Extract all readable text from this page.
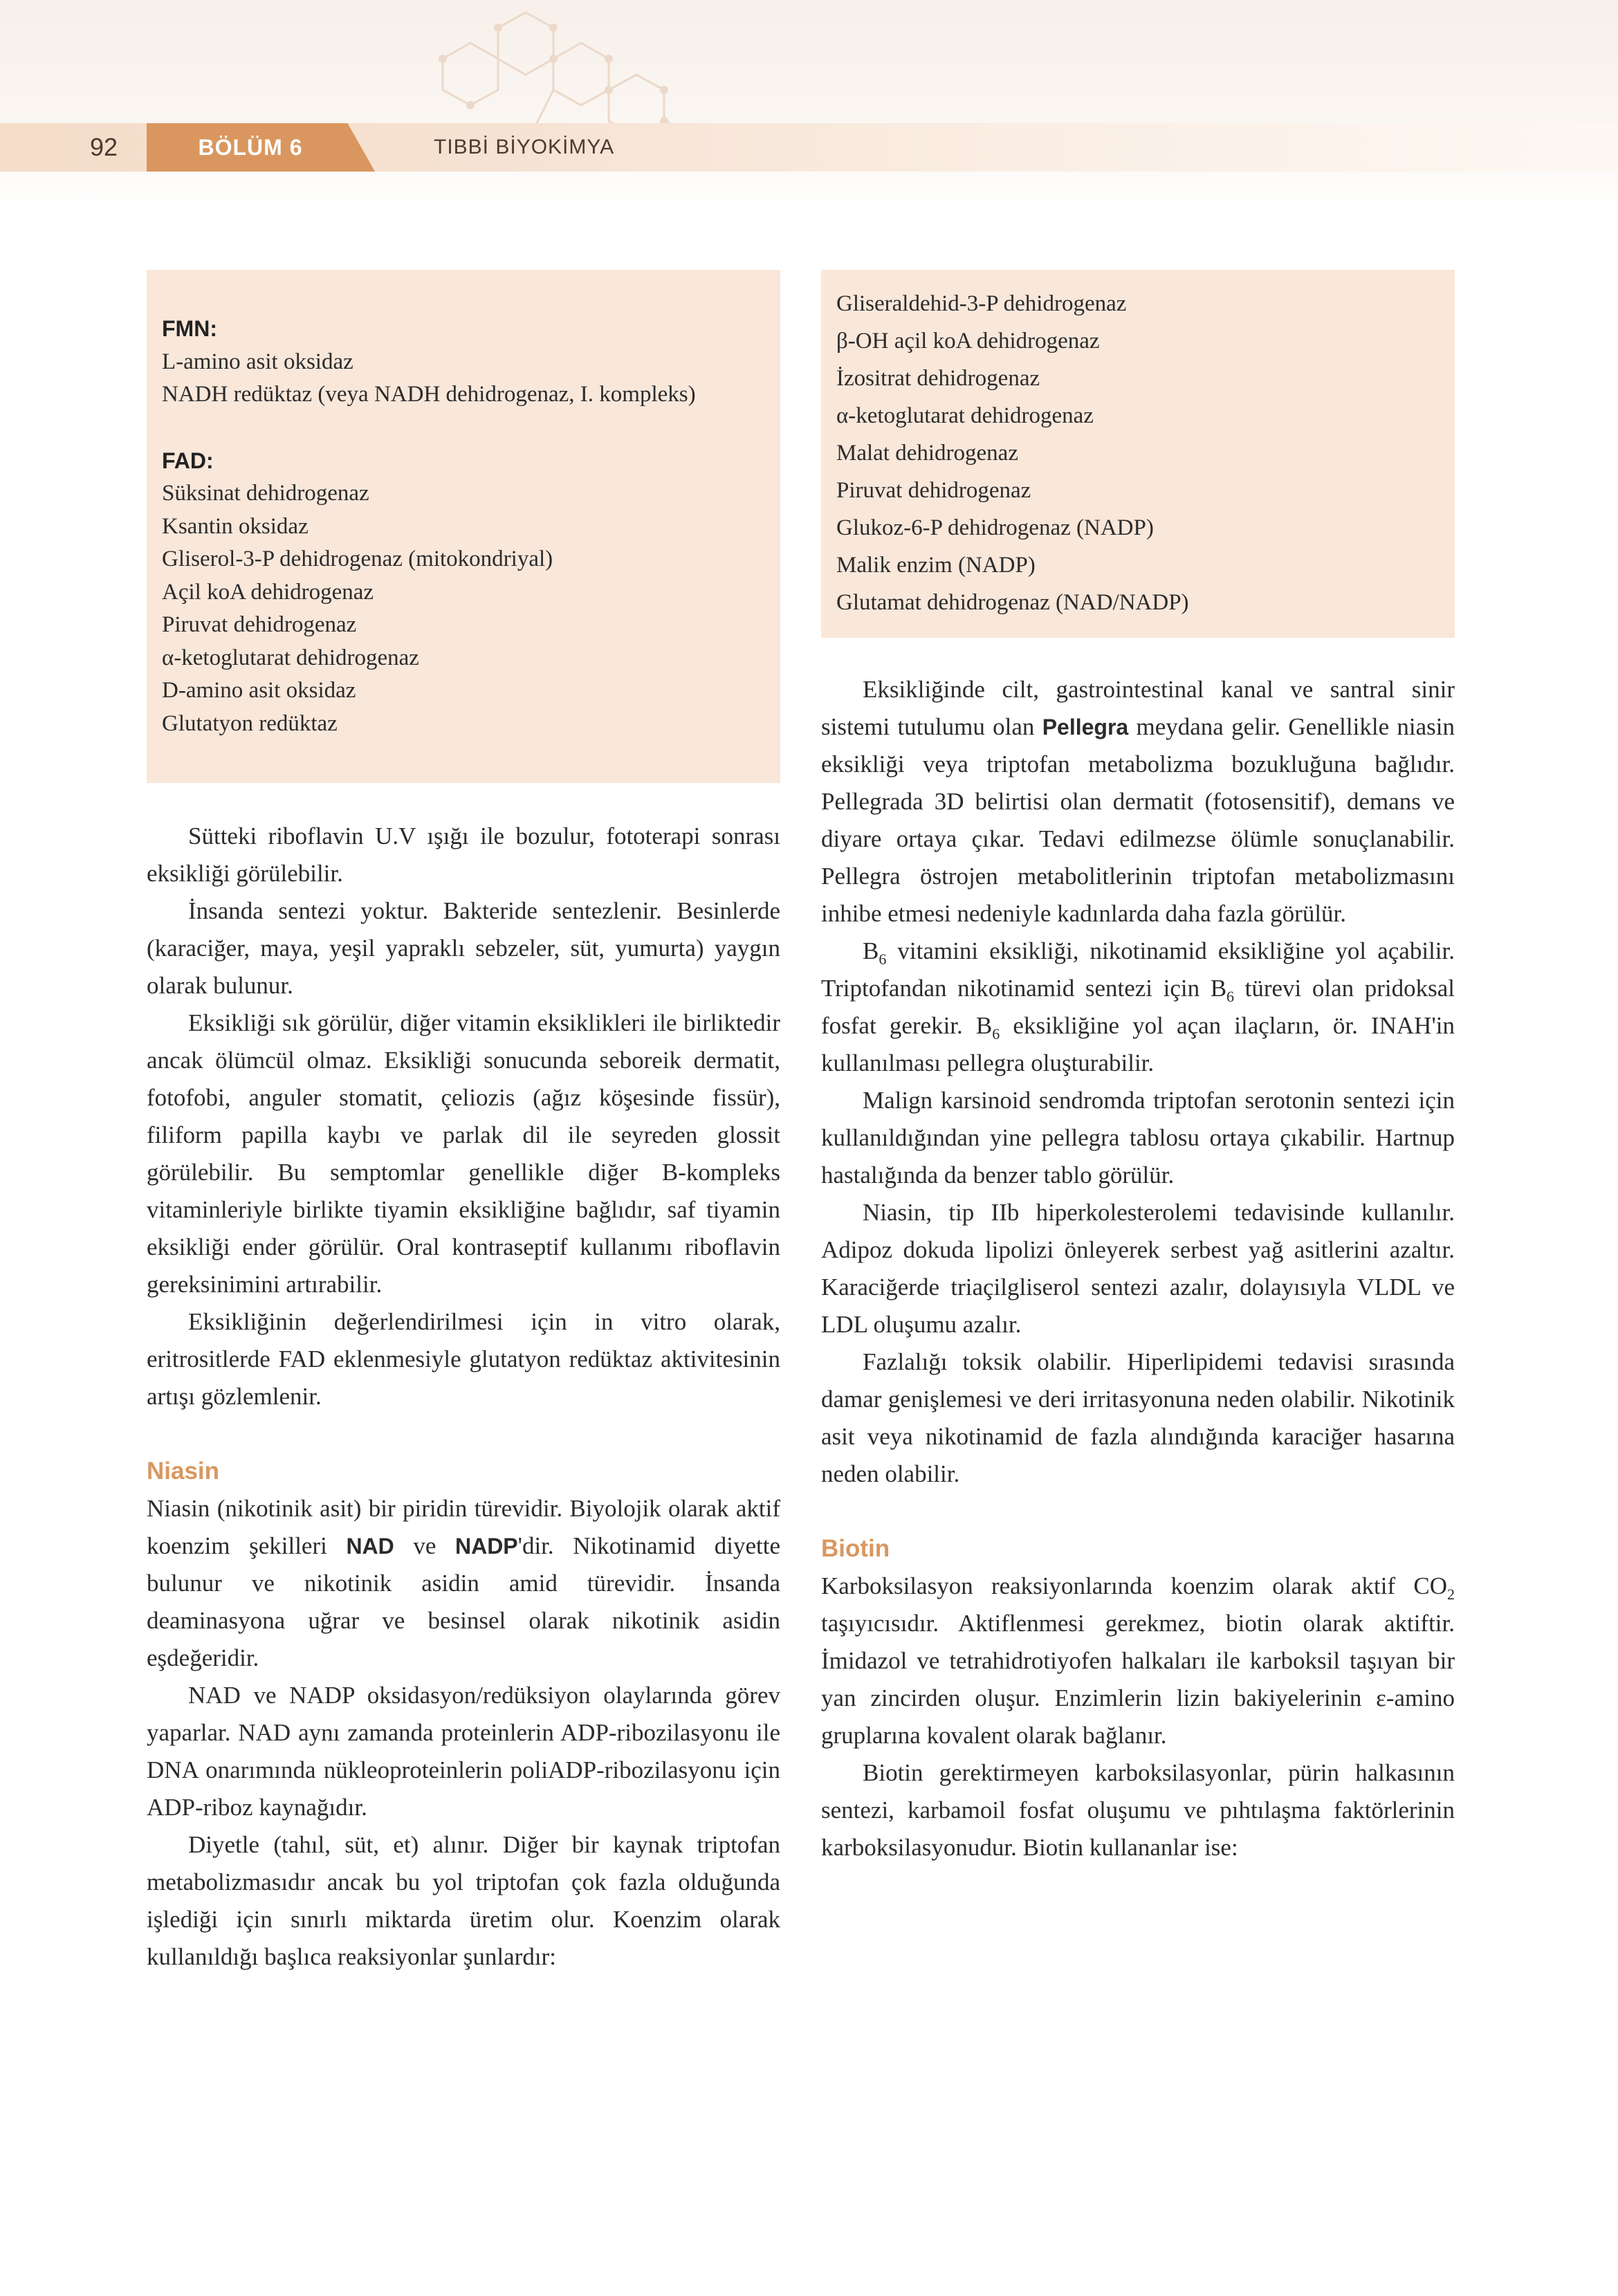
92	BÖLÜM 6	TIBBİ BİYOKİMYA
FMN:
L-amino asit oksidaz
NADH redüktaz (veya NADH dehidrogenaz, I. kompleks)
FAD:
Süksinat dehidrogenaz
Ksantin oksidaz
Gliserol-3-P dehidrogenaz (mitokondriyal)
Açil koA dehidrogenaz
Piruvat dehidrogenaz
α-ketoglutarat dehidrogenaz
D-amino asit oksidaz
Glutatyon redüktaz
Gliseraldehid-3-P dehidrogenaz
β-OH açil koA dehidrogenaz
İzositrat dehidrogenaz
α-ketoglutarat dehidrogenaz
Malat dehidrogenaz
Piruvat dehidrogenaz
Glukoz-6-P dehidrogenaz (NADP)
Malik enzim (NADP)
Glutamat dehidrogenaz (NAD/NADP)

Sütteki riboflavin U.V ışığı ile bozulur, fototerapi sonrası eksikliği görülebilir.

İnsanda sentezi yoktur. Bakteride sentezlenir. Besinlerde (karaciğer, maya, yeşil yapraklı sebzeler, süt, yumurta) yaygın olarak bulunur.

Eksikliği sık görülür, diğer vitamin eksiklikleri ile birliktedir ancak ölümcül olmaz. Eksikliği sonucunda seboreik dermatit, fotofobi, anguler stomatit, çeliozis (ağız köşesinde fissür), filiform papilla kaybı ve parlak dil ile seyreden glossit görülebilir. Bu semptomlar genellikle diğer B-kompleks vitaminleriyle birlikte tiyamin eksikliğine bağlıdır, saf tiyamin eksikliği ender görülür. Oral kontraseptif kullanımı riboflavin gereksinimini artırabilir.

Eksikliğinin değerlendirilmesi için in vitro olarak, eritrositlerde FAD eklenmesiyle glutatyon redüktaz aktivitesinin artışı gözlemlenir.

Niasin

Niasin (nikotinik asit) bir piridin türevidir. Biyolojik olarak aktif koenzim şekilleri NAD ve NADP'dir. Nikotinamid diyette bulunur ve nikotinik asidin amid türevidir. İnsanda deaminasyona uğrar ve besinsel olarak nikotinik asidin eşdeğeridir.

NAD ve NADP oksidasyon/redüksiyon olaylarında görev yaparlar. NAD aynı zamanda proteinlerin ADP-ribozilasyonu ile DNA onarımında nükleoproteinlerin poliADP-ribozilasyonu için ADP-riboz kaynağıdır.

Diyetle (tahıl, süt, et) alınır. Diğer bir kaynak triptofan metabolizmasıdır ancak bu yol triptofan çok fazla olduğunda işlediği için sınırlı miktarda üretim olur. Koenzim olarak kullanıldığı başlıca reaksiyonlar şunlardır:

Eksikliğinde cilt, gastrointestinal kanal ve santral sinir sistemi tutulumu olan Pellegra meydana gelir. Genellikle niasin eksikliği veya triptofan metabolizma bozukluğuna bağlıdır. Pellegrada 3D belirtisi olan dermatit (fotosensitif), demans ve diyare ortaya çıkar. Tedavi edilmezse ölümle sonuçlanabilir. Pellegra östrojen metabolitlerinin triptofan metabolizmasını inhibe etmesi nedeniyle kadınlarda daha fazla görülür.

$B_6$ vitamini eksikliği, nikotinamid eksikliğine yol açabilir. Triptofandan nikotinamid sentezi için $B_6$ türevi olan pridoksal fosfat gerekir. $B_6$ eksikliğine yol açan ilaçların, ör. INAH'in kullanılması pellegra oluşturabilir.

Malign karsinoid sendromda triptofan serotonin sentezi için kullanıldığından yine pellegra tablosu ortaya çıkabilir. Hartnup hastalığında da benzer tablo görülür.

Niasin, tip IIb hiperkolesterolemi tedavisinde kullanılır. Adipoz dokuda lipolizi önleyerek serbest yağ asitlerini azaltır. Karaciğerde triaçilgliserol sentezi azalır, dolayısıyla VLDL ve LDL oluşumu azalır.

Fazlalığı toksik olabilir. Hiperlipidemi tedavisi sırasında damar genişlemesi ve deri irritasyonuna neden olabilir. Nikotinik asit veya nikotinamid de fazla alındığında karaciğer hasarına neden olabilir.

Biotin

Karboksilasyon reaksiyonlarında koenzim olarak aktif $CO_2$ taşıyıcısıdır. Aktiflenmesi gerekmez, biotin olarak aktiftir. İmidazol ve tetrahidrotiyofen halkaları ile karboksil taşıyan bir yan zincirden oluşur. Enzimlerin lizin bakiyelerinin ε-amino gruplarına kovalent olarak bağlanır.

Biotin gerektirmeyen karboksilasyonlar, pürin halkasının sentezi, karbamoil fosfat oluşumu ve pıhtılaşma faktörlerinin karboksilasyonudur. Biotin kullananlar ise:
